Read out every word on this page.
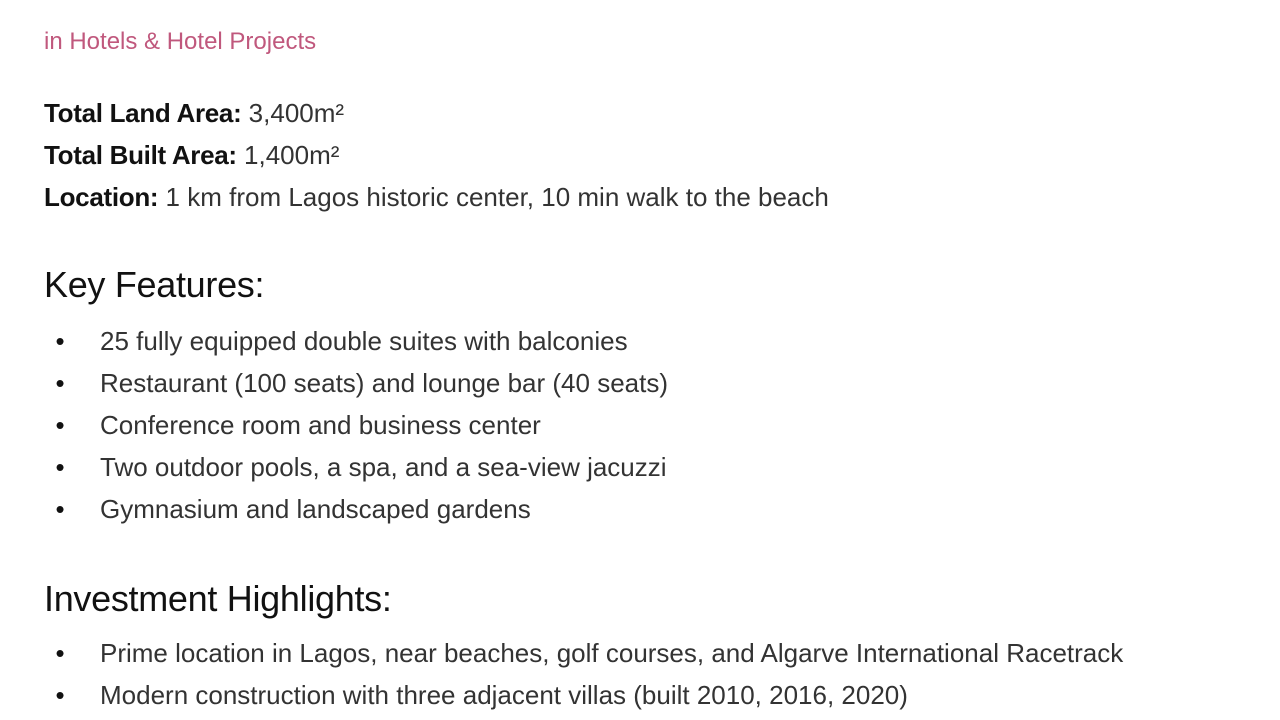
in Hotels & Hotel Projects
Total Land Area: 3,400m²
Total Built Area: 1,400m²
Location: 1 km from Lagos historic center, 10 min walk to the beach
Key Features:
• 25 fully equipped double suites with balconies
• Restaurant (100 seats) and lounge bar (40 seats)
• Conference room and business center
• Two outdoor pools, a spa, and a sea-view jacuzzi
• Gymnasium and landscaped gardens
Investment Highlights:
• Prime location in Lagos, near beaches, golf courses, and Algarve International Racetrack
• Modern construction with three adjacent villas (built 2010, 2016, 2020)
